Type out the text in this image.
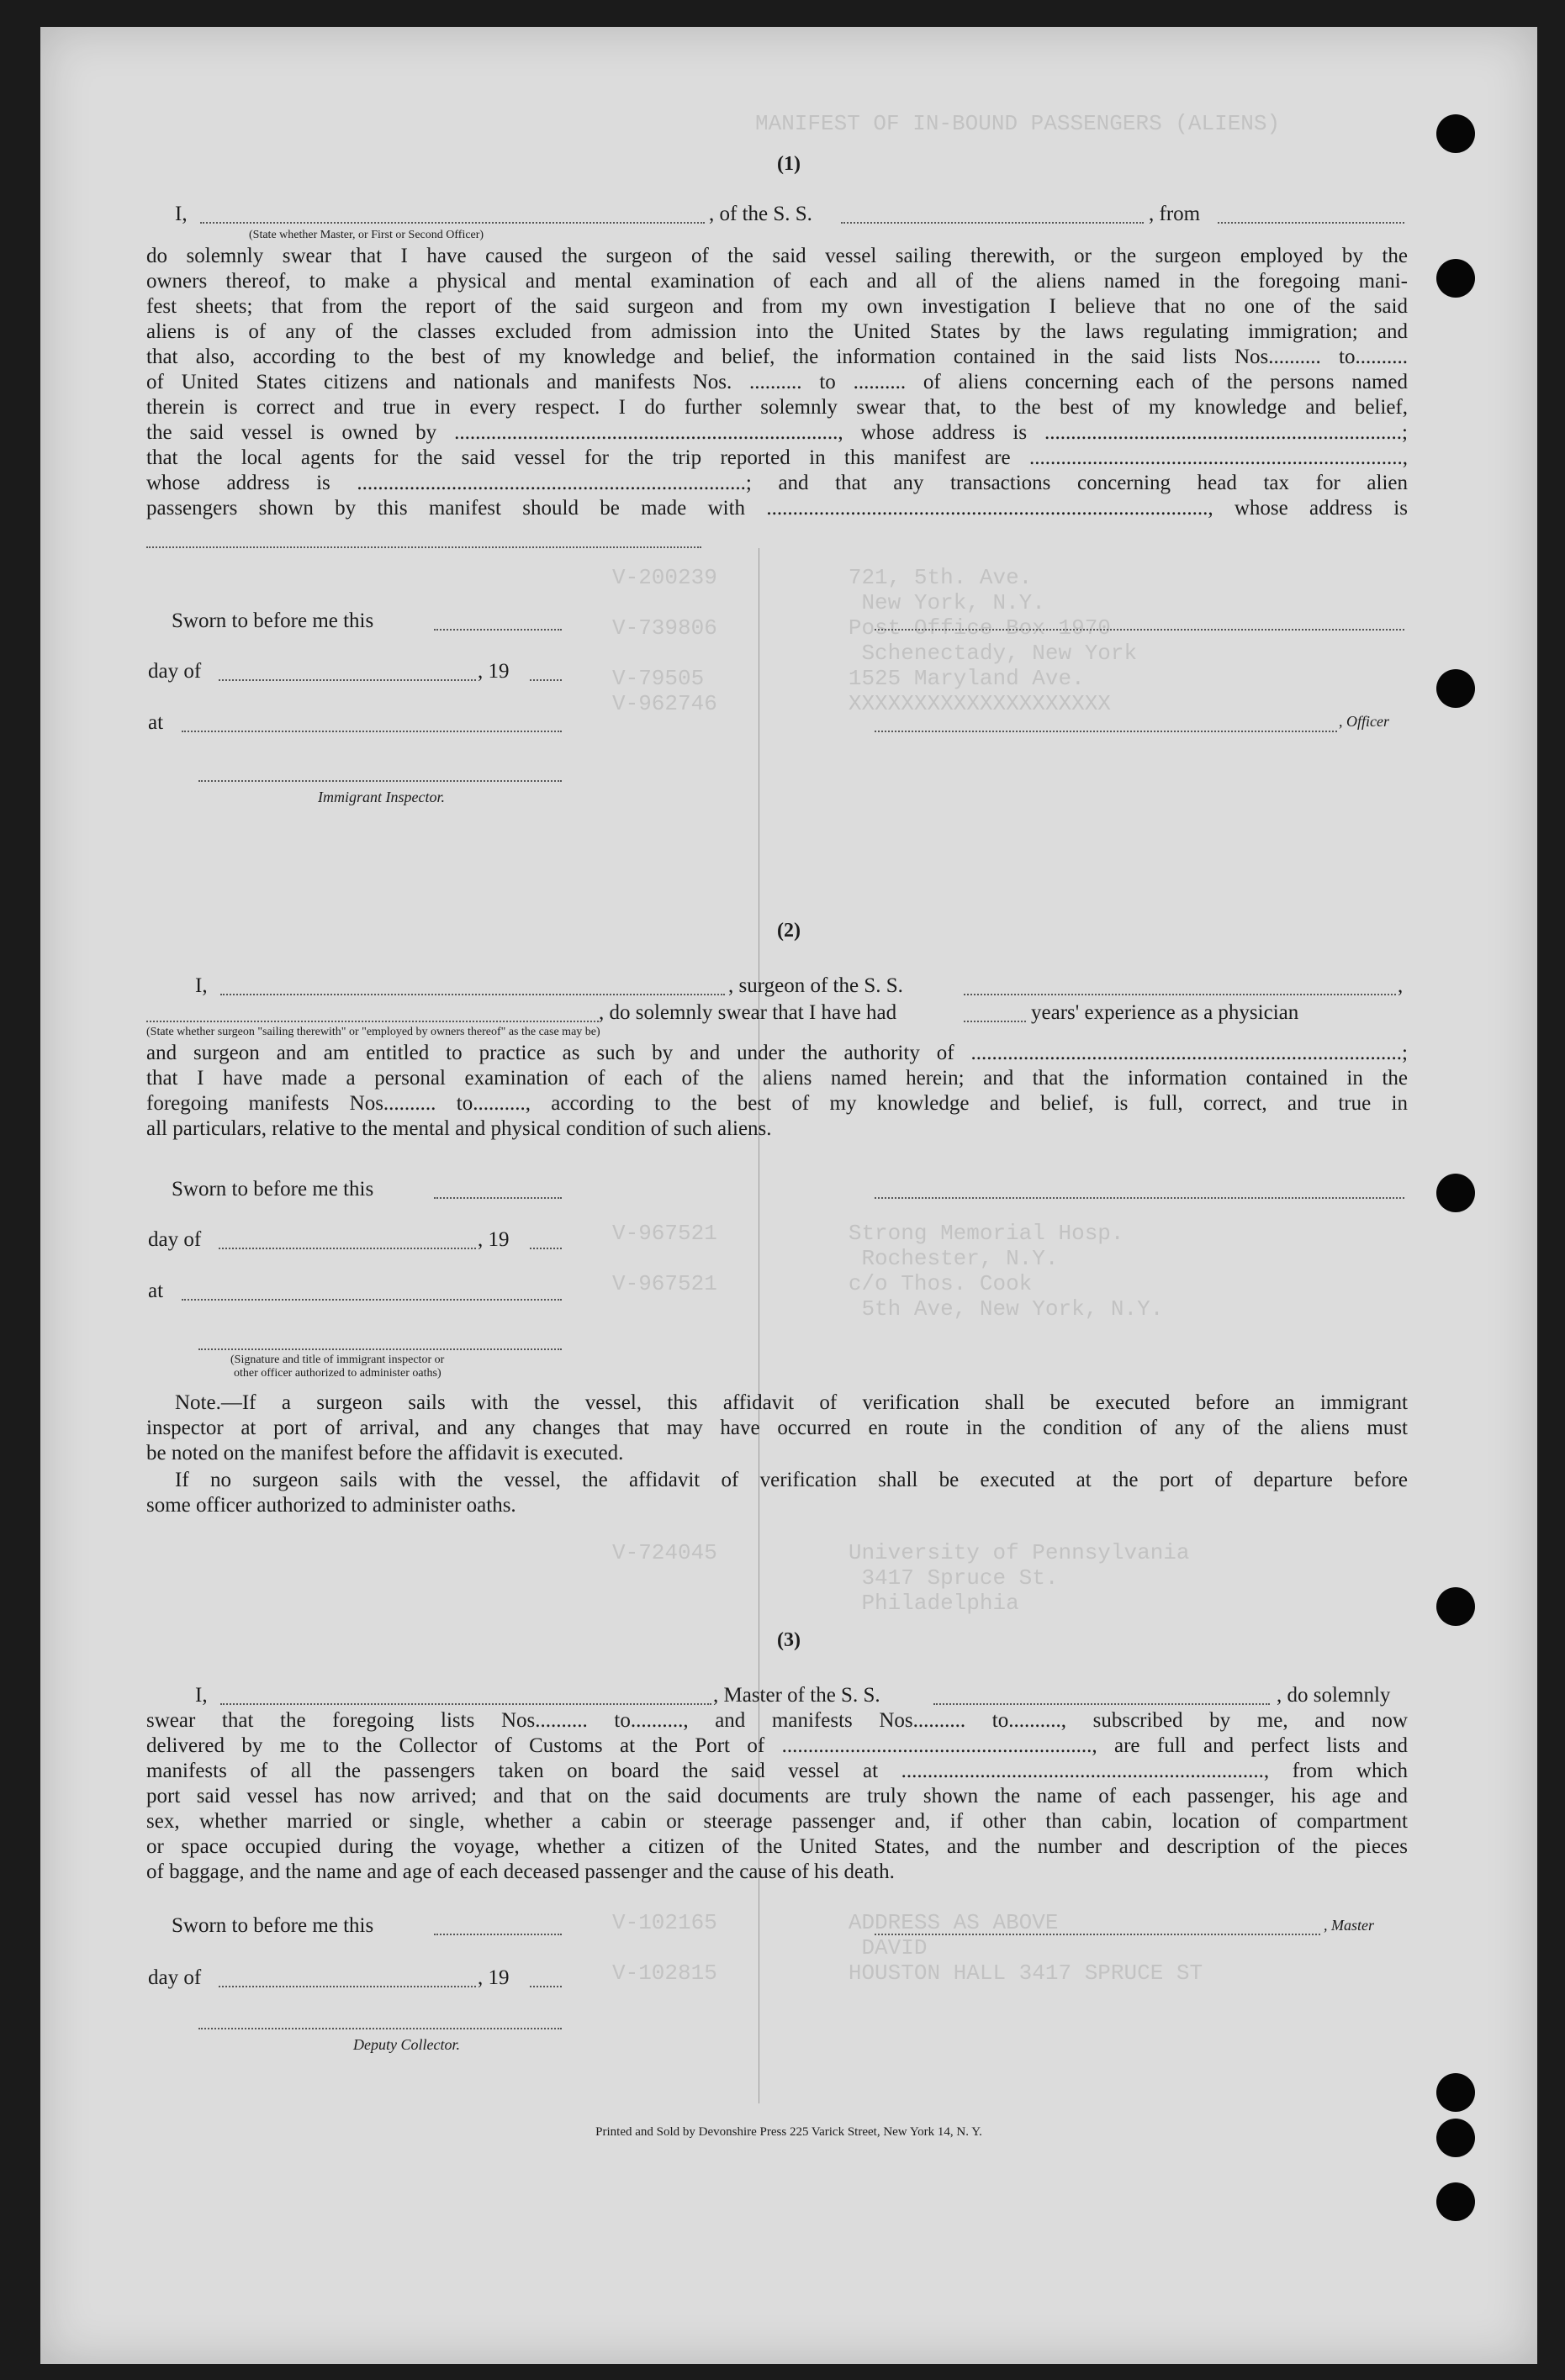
MANIFEST OF IN-BOUND PASSENGERS (ALIENS)
V-200239          721, 5th. Ave.
New York, N.Y.
V-739806          Post Office Box 1970
Schenectady, New York
V-79505           1525 Maryland Ave.
V-962746          XXXXXXXXXXXXXXXXXXXX
V-967521          Strong Memorial Hosp.
Rochester, N.Y.
V-967521          c/o Thos. Cook
5th Ave, New York, N.Y.
V-724045          University of Pennsylvania
3417 Spruce St.
Philadelphia
V-102165          ADDRESS AS ABOVE
DAVID
V-102815          HOUSTON HALL 3417 SPRUCE ST
(1)
I,	, of the S. S.	, from
(State whether Master, or First or Second Officer)
do solemnly swear that I have caused the surgeon of the said vessel sailing therewith, or the surgeon employed by the
owners thereof, to make a physical and mental examination of each and all of the aliens named in the foregoing mani-
fest sheets; that from the report of the said surgeon and from my own investigation I believe that no one of the said
aliens is of any of the classes excluded from admission into the United States by the laws regulating immigration; and
that also, according to the best of my knowledge and belief, the information contained in the said lists Nos.......... to..........
of United States citizens and nationals and manifests Nos. .......... to .......... of aliens concerning each of the persons named
therein is correct and true in every respect. I do further solemnly swear that, to the best of my knowledge and belief,
the said vessel is owned by ........................................................................., whose address is ....................................................................;
that the local agents for the said vessel for the trip reported in this manifest are .......................................................................,
whose address is ..........................................................................; and that any transactions concerning head tax for alien
passengers shown by this manifest should be made with ...................................................................................., whose address is
Sworn to before me this
day of	, 19
at	, Officer
Immigrant Inspector.
(2)
I,	, surgeon of the S. S.	,
, do solemnly swear that I have had	years' experience as a physician
(State whether surgeon "sailing therewith" or "employed by owners thereof" as the case may be)
and surgeon and am entitled to practice as such by and under the authority of ..................................................................................;
that I have made a personal examination of each of the aliens named herein; and that the information contained in the
foregoing manifests Nos.......... to.........., according to the best of my knowledge and belief, is full, correct, and true in
all particulars, relative to the mental and physical condition of such aliens.
Sworn to before me this
day of	, 19
at
(Signature and title of immigrant inspector or
other officer authorized to administer oaths)
Note.—If a surgeon sails with the vessel, this affidavit of verification shall be executed before an immigrant
inspector at port of arrival, and any changes that may have occurred en route in the condition of any of the aliens must
be noted on the manifest before the affidavit is executed.
If no surgeon sails with the vessel, the affidavit of verification shall be executed at the port of departure before
some officer authorized to administer oaths.
(3)
I,	, Master of the S. S.	, do solemnly
swear that the foregoing lists Nos.......... to.........., and manifests Nos.......... to.........., subscribed by me, and now
delivered by me to the Collector of Customs at the Port of ..........................................................., are full and perfect lists and
manifests of all the passengers taken on board the said vessel at ....................................................................., from which
port said vessel has now arrived; and that on the said documents are truly shown the name of each passenger, his age and
sex, whether married or single, whether a cabin or steerage passenger and, if other than cabin, location of compartment
or space occupied during the voyage, whether a citizen of the United States, and the number and description of the pieces
of baggage, and the name and age of each deceased passenger and the cause of his death.
Sworn to before me this	, Master
day of	, 19
Deputy Collector.
Printed and Sold by Devonshire Press 225 Varick Street, New York 14, N. Y.
